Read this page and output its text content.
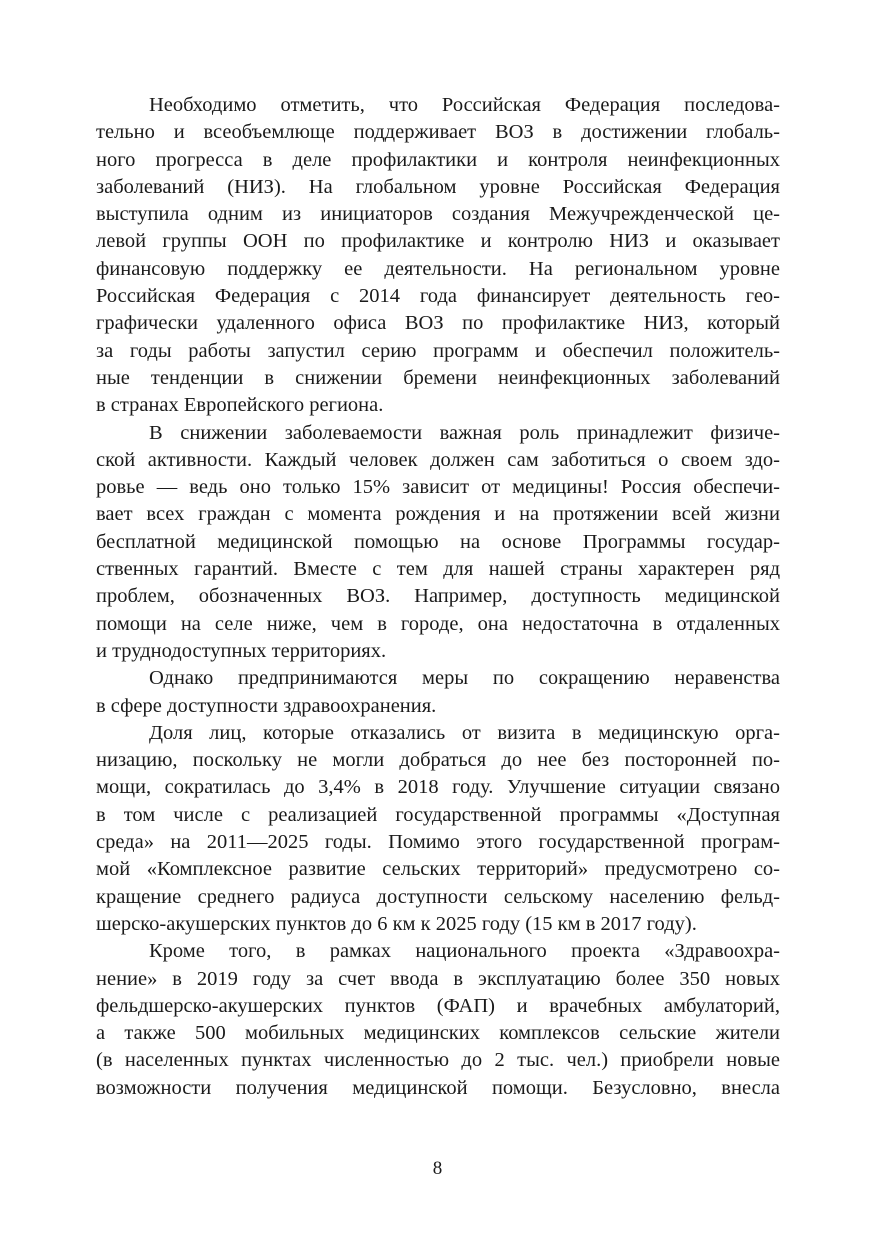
Необходимо отметить, что Российская Федерация последова-
тельно и всеобъемлюще поддерживает ВОЗ в достижении глобаль-
ного прогресса в деле профилактики и контроля неинфекционных
заболеваний (НИЗ). На глобальном уровне Российская Федерация
выступила одним из инициаторов создания Межучрежденческой це-
левой группы ООН по профилактике и контролю НИЗ и оказывает
финансовую поддержку ее деятельности. На региональном уровне
Российская Федерация с 2014 года финансирует деятельность гео-
графически удаленного офиса ВОЗ по профилактике НИЗ, который
за годы работы запустил серию программ и обеспечил положитель-
ные тенденции в снижении бремени неинфекционных заболеваний
в странах Европейского региона.
В снижении заболеваемости важная роль принадлежит физиче-
ской активности. Каждый человек должен сам заботиться о своем здо-
ровье — ведь оно только 15% зависит от медицины! Россия обеспечи-
вает всех граждан с момента рождения и на протяжении всей жизни
бесплатной медицинской помощью на основе Программы государ-
ственных гарантий. Вместе с тем для нашей страны характерен ряд
проблем, обозначенных ВОЗ. Например, доступность медицинской
помощи на селе ниже, чем в городе, она недостаточна в отдаленных
и труднодоступных территориях.
Однако предпринимаются меры по сокращению неравенства
в сфере доступности здравоохранения.
Доля лиц, которые отказались от визита в медицинскую орга-
низацию, поскольку не могли добраться до нее без посторонней по-
мощи, сократилась до 3,4% в 2018 году. Улучшение ситуации связано
в том числе с реализацией государственной программы «Доступная
среда» на 2011—2025 годы. Помимо этого государственной програм-
мой «Комплексное развитие сельских территорий» предусмотрено со-
кращение среднего радиуса доступности сельскому населению фельд-
шерско-акушерских пунктов до 6 км к 2025 году (15 км в 2017 году).
Кроме того, в рамках национального проекта «Здравоохра-
нение» в 2019 году за счет ввода в эксплуатацию более 350 новых
фельдшерско-акушерских пунктов (ФАП) и врачебных амбулаторий,
а также 500 мобильных медицинских комплексов сельские жители
(в населенных пунктах численностью до 2 тыс. чел.) приобрели новые
возможности получения медицинской помощи. Безусловно, внесла
8
